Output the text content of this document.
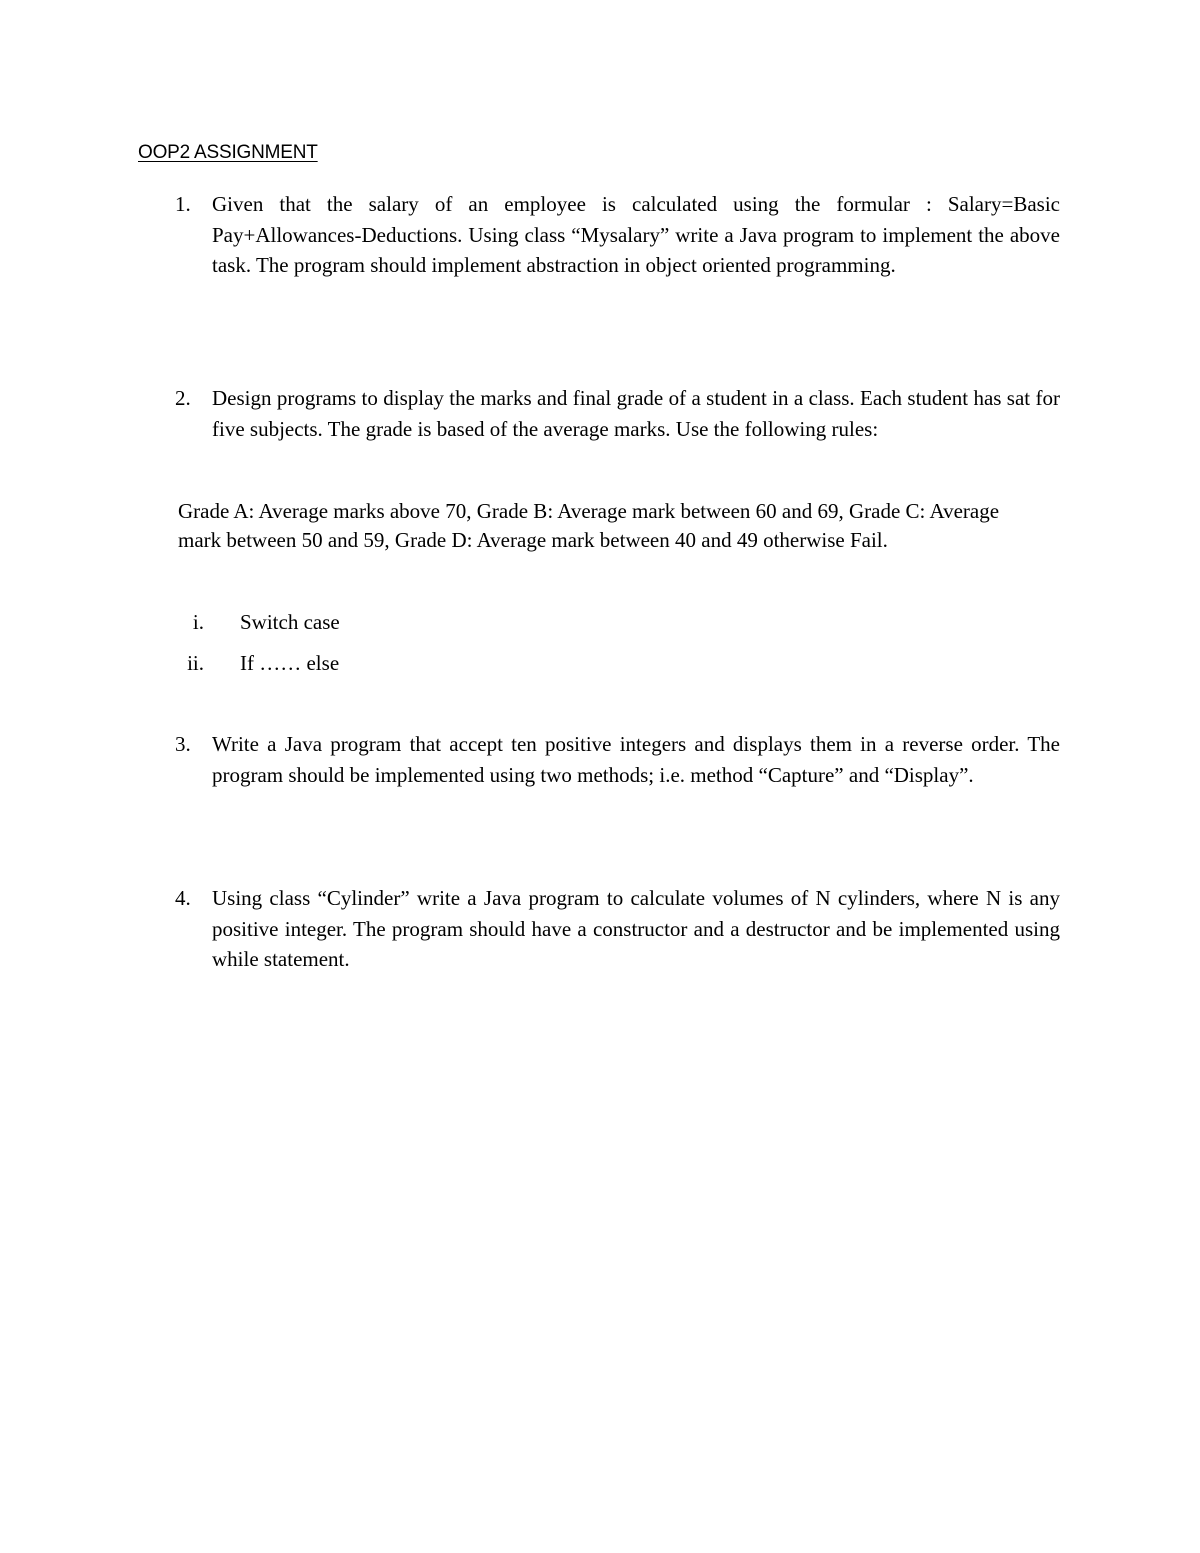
OOP2 ASSIGNMENT
1. Given that the salary of an employee is calculated using the formular : Salary=Basic Pay+Allowances-Deductions. Using class “Mysalary” write a Java program to implement the above task. The program should implement abstraction in object oriented programming.
2. Design programs to display the marks and final grade of a student in a class. Each student has sat for five subjects. The grade is based of the average marks. Use the following rules:
Grade A: Average marks above 70, Grade B: Average mark between 60 and 69, Grade C: Average mark between 50 and 59, Grade D: Average mark between 40 and 49 otherwise Fail.
i. Switch case
ii. If …… else
3. Write a Java program that accept ten positive integers and displays them in a reverse order. The program should be implemented using two methods; i.e. method “Capture” and “Display”.
4. Using class “Cylinder” write a Java program to calculate volumes of N cylinders, where N is any positive integer. The program should have a constructor and a destructor and be implemented using while statement.
